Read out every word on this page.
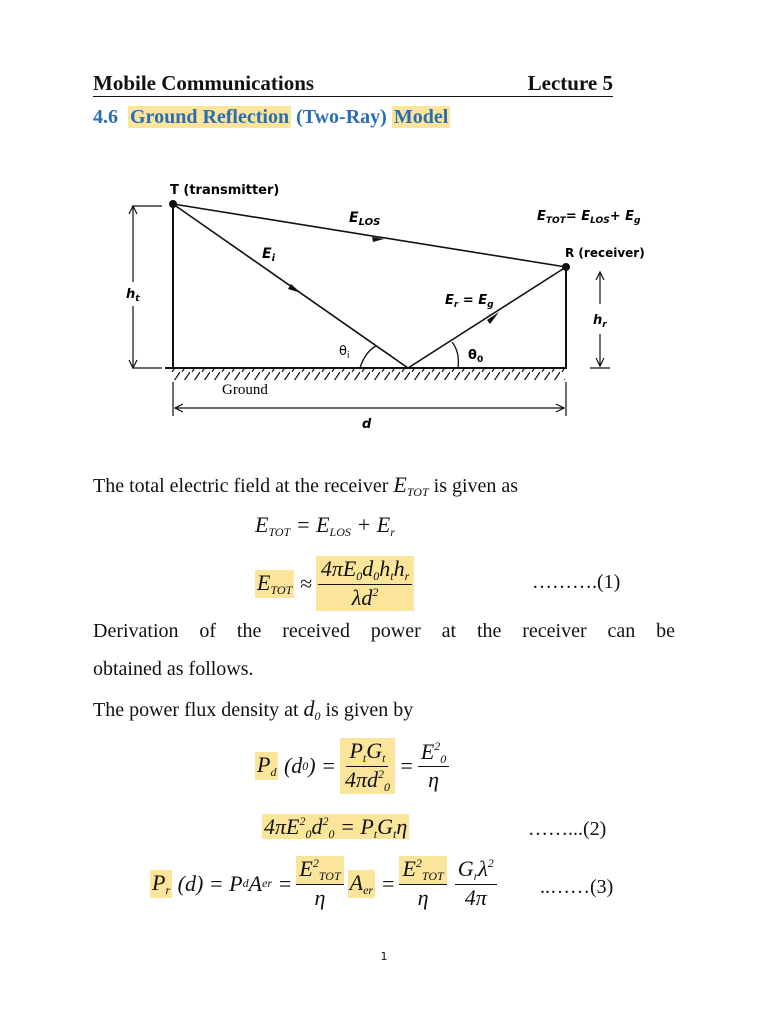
Mobile Communications	Lecture 5
4.6 Ground Reflection (Two-Ray) Model
T (transmitter)
R (receiver)
$E_{LOS}$
$E_i$
$E_r = E_g$
$E_{TOT}= E_{LOS}+ E_g$
$h_t$
$h_r$
$\theta_i$	$\theta_0$
Ground
d
The total electric field at the receiver $E_{TOT}$ is given as
$E_{TOT} = E_{LOS} + E_r$
$E_{TOT} \approx \frac{4\pi E_0d_0h_th_r}{\lambda d^2}$	……….(1)
Derivation of the received power at the receiver can be
obtained as follows.
The power flux density at $d_0$ is given by
$P_d$ (d 0 ) = $\frac{P_tG_t}{4\pi d^2_0} = \frac{E^2_0}{\eta}$
$4\pi E^2_0d^2_0 = P_tG_t\eta$	……...(2)
$P_r$ (d) = P d A er = $\frac{E^2_{TOT}}{\eta} A_{er} = \frac{E^2_{TOT}}{\eta} \frac{G_r\lambda^2}{4\pi}$ ..……(3)
1
